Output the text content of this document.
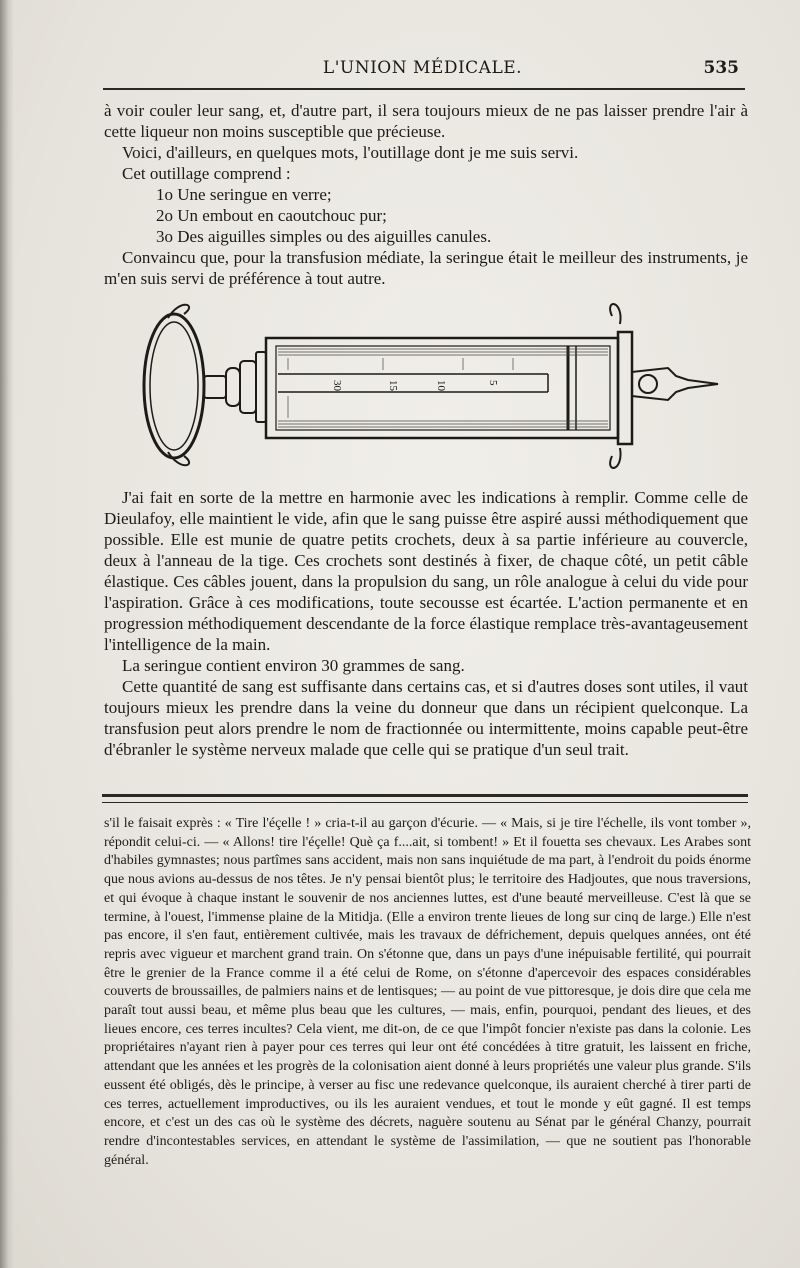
L'UNION MÉDICALE.	535

à voir couler leur sang, et, d'autre part, il sera toujours mieux de ne pas laisser prendre l'air à cette liqueur non moins susceptible que précieuse.

Voici, d'ailleurs, en quelques mots, l'outillage dont je me suis servi.

Cet outillage comprend :

1o Une seringue en verre;

2o Un embout en caoutchouc pur;

3o Des aiguilles simples ou des aiguilles canules.

Convaincu que, pour la transfusion médiate, la seringue était le meilleur des instruments, je m'en suis servi de préférence à tout autre.

30	15	10	5

J'ai fait en sorte de la mettre en harmonie avec les indications à remplir. Comme celle de Dieulafoy, elle maintient le vide, afin que le sang puisse être aspiré aussi méthodiquement que possible. Elle est munie de quatre petits crochets, deux à sa partie inférieure au couvercle, deux à l'anneau de la tige. Ces crochets sont destinés à fixer, de chaque côté, un petit câble élastique. Ces câbles jouent, dans la propulsion du sang, un rôle analogue à celui du vide pour l'aspiration. Grâce à ces modifications, toute secousse est écartée. L'action permanente et en progression méthodiquement descendante de la force élastique remplace très-avantageusement l'intelligence de la main.

La seringue contient environ 30 grammes de sang.

Cette quantité de sang est suffisante dans certains cas, et si d'autres doses sont utiles, il vaut toujours mieux les prendre dans la veine du donneur que dans un récipient quelconque. La transfusion peut alors prendre le nom de fractionnée ou intermittente, moins capable peut-être d'ébranler le système nerveux malade que celle qui se pratique d'un seul trait.

s'il le faisait exprès : « Tire l'éçelle ! » cria-t-il au garçon d'écurie. — « Mais, si je tire l'échelle, ils vont tomber », répondit celui-ci. — « Allons! tire l'éçelle! Què ça f....ait, si tombent! » Et il fouetta ses chevaux. Les Arabes sont d'habiles gymnastes; nous partîmes sans accident, mais non sans inquiétude de ma part, à l'endroit du poids énorme que nous avions au-dessus de nos têtes. Je n'y pensai bientôt plus; le territoire des Hadjoutes, que nous traversions, et qui évoque à chaque instant le souvenir de nos anciennes luttes, est d'une beauté merveilleuse. C'est là que se termine, à l'ouest, l'immense plaine de la Mitidja. (Elle a environ trente lieues de long sur cinq de large.) Elle n'est pas encore, il s'en faut, entièrement cultivée, mais les travaux de défrichement, depuis quelques années, ont été repris avec vigueur et marchent grand train. On s'étonne que, dans un pays d'une inépuisable fertilité, qui pourrait être le grenier de la France comme il a été celui de Rome, on s'étonne d'apercevoir des espaces considérables couverts de broussailles, de palmiers nains et de lentisques; — au point de vue pittoresque, je dois dire que cela me paraît tout aussi beau, et même plus beau que les cultures, — mais, enfin, pourquoi, pendant des lieues, et des lieues encore, ces terres incultes? Cela vient, me dit-on, de ce que l'impôt foncier n'existe pas dans la colonie. Les propriétaires n'ayant rien à payer pour ces terres qui leur ont été concédées à titre gratuit, les laissent en friche, attendant que les années et les progrès de la colonisation aient donné à leurs propriétés une valeur plus grande. S'ils eussent été obligés, dès le principe, à verser au fisc une redevance quelconque, ils auraient cherché à tirer parti de ces terres, actuellement improductives, ou ils les auraient vendues, et tout le monde y eût gagné. Il est temps encore, et c'est un des cas où le système des décrets, naguère soutenu au Sénat par le général Chanzy, pourrait rendre d'incontestables services, en attendant le système de l'assimilation, — que ne soutient pas l'honorable général.
